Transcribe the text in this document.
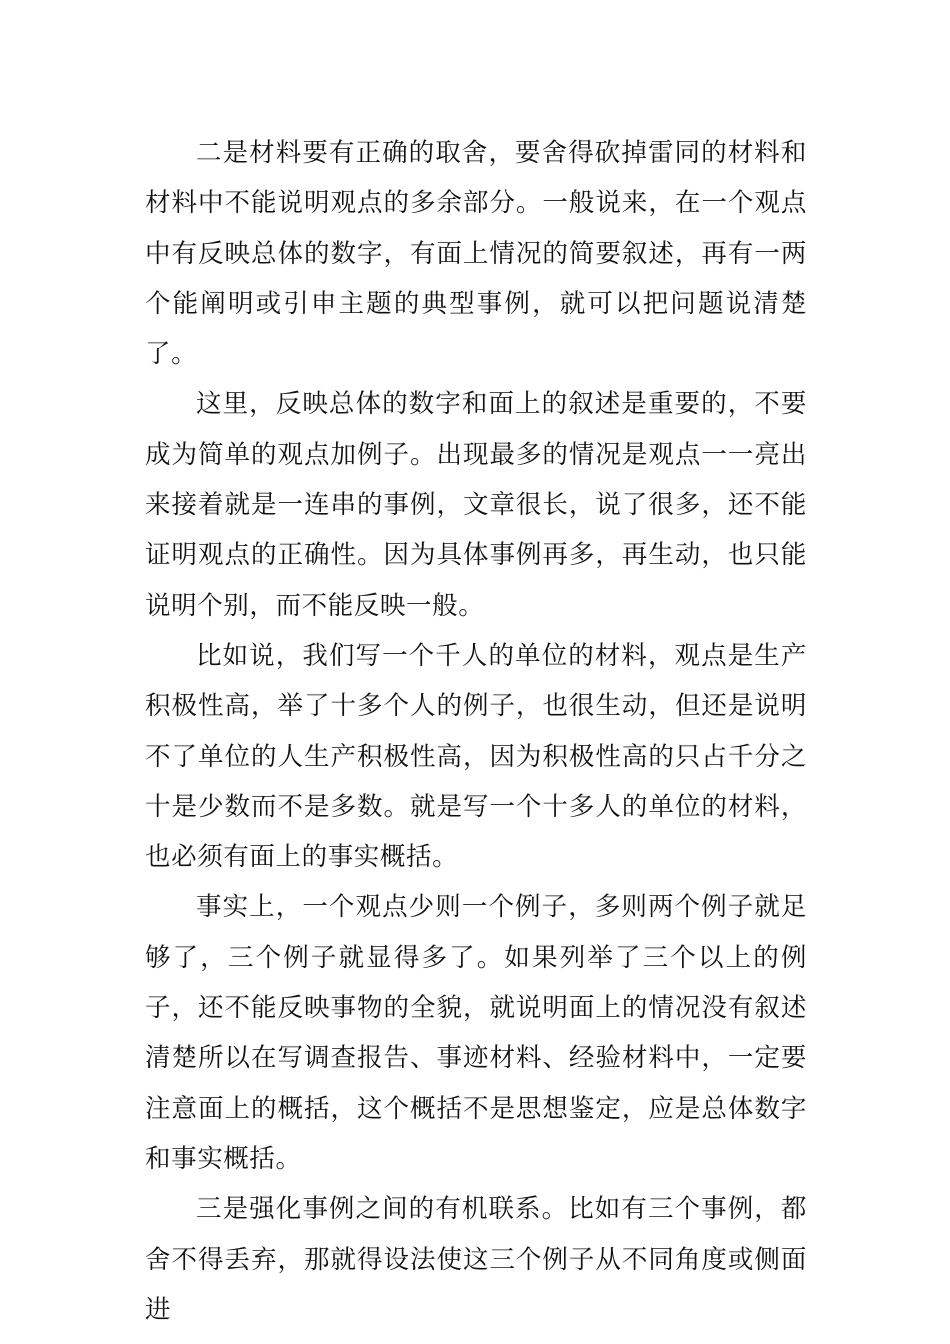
二是材料要有正确的取舍，要舍得砍掉雷同的材料和材料中不能说明观点的多余部分。一般说来，在一个观点中有反映总体的数字，有面上情况的简要叙述，再有一两个能阐明或引申主题的典型事例，就可以把问题说清楚了。

这里，反映总体的数字和面上的叙述是重要的，不要成为简单的观点加例子。出现最多的情况是观点一一亮出来接着就是一连串的事例，文章很长，说了很多，还不能证明观点的正确性。因为具体事例再多，再生动，也只能说明个别，而不能反映一般。

比如说，我们写一个千人的单位的材料，观点是生产积极性高，举了十多个人的例子，也很生动，但还是说明不了单位的人生产积极性高，因为积极性高的只占千分之十是少数而不是多数。就是写一个十多人的单位的材料，也必须有面上的事实概括。

事实上，一个观点少则一个例子，多则两个例子就足够了，三个例子就显得多了。如果列举了三个以上的例子，还不能反映事物的全貌，就说明面上的情况没有叙述清楚所以在写调查报告、事迹材料、经验材料中，一定要注意面上的概括，这个概括不是思想鉴定，应是总体数字和事实概括。

三是强化事例之间的有机联系。比如有三个事例，都舍不得丢弃，那就得设法使这三个例子从不同角度或侧面进
